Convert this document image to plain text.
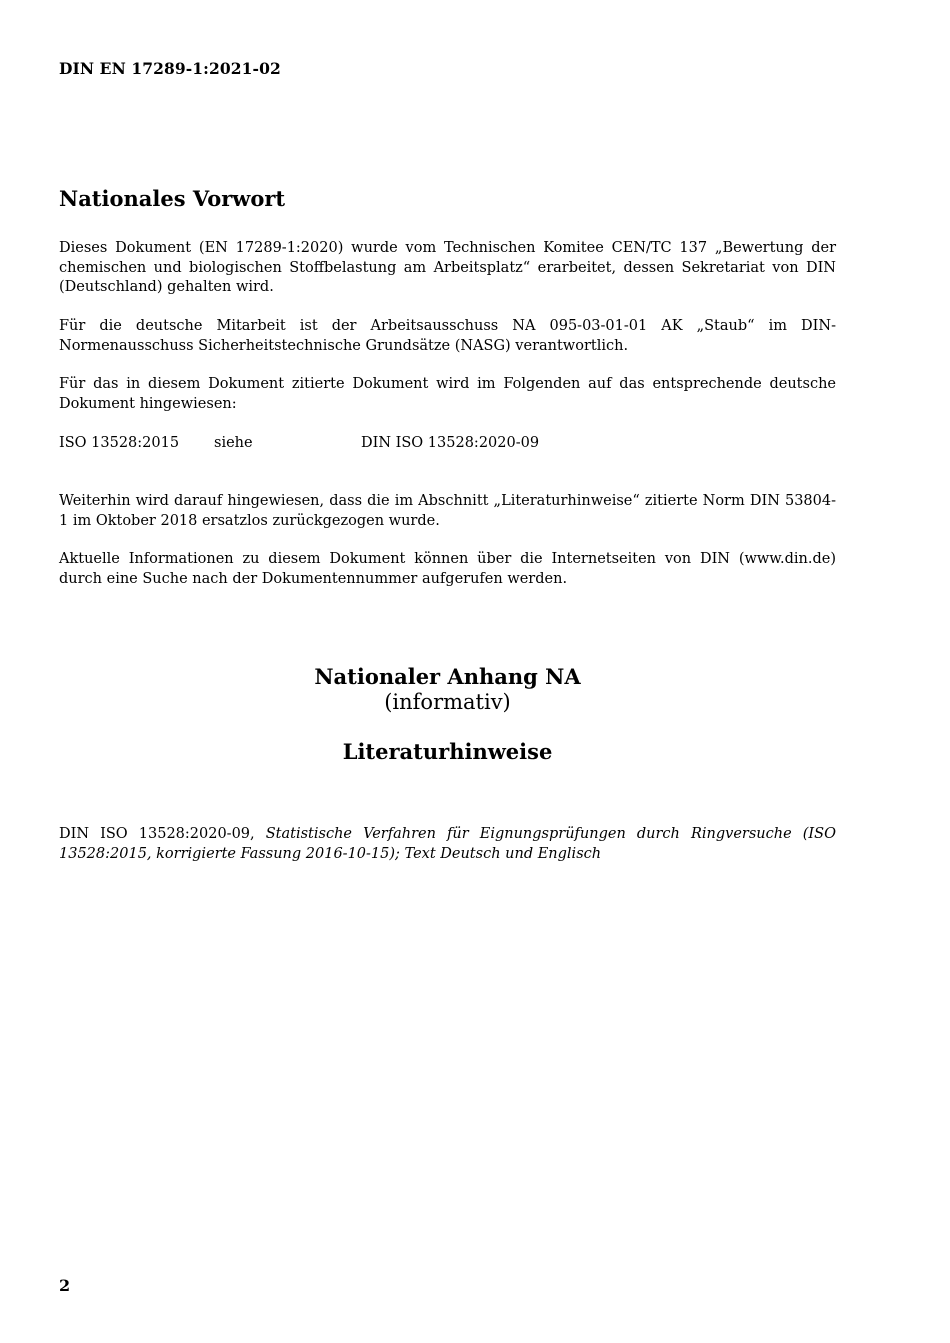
DIN EN 17289-1:2021-02
Nationales Vorwort

Dieses Dokument (EN 17289-1:2020) wurde vom Technischen Komitee CEN/TC 137 „Bewertung der chemischen und biologischen Stoffbelastung am Arbeitsplatz“ erarbeitet, dessen Sekretariat von DIN (Deutschland) gehalten wird.

Für die deutsche Mitarbeit ist der Arbeitsausschuss NA 095-03-01-01 AK „Staub“ im DIN-Normenausschuss Sicherheitstechnische Grundsätze (NASG) verantwortlich.

Für das in diesem Dokument zitierte Dokument wird im Folgenden auf das entsprechende deutsche Dokument hingewiesen:

ISO 13528:2015 siehe	DIN ISO 13528:2020-09

Weiterhin wird darauf hingewiesen, dass die im Abschnitt „Literaturhinweise“ zitierte Norm DIN 53804-1 im Oktober 2018 ersatzlos zurückgezogen wurde.

Aktuelle Informationen zu diesem Dokument können über die Internetseiten von DIN (www.din.de) durch eine Suche nach der Dokumentennummer aufgerufen werden.

Nationaler Anhang NA
(informativ)
Literaturhinweise

DIN ISO 13528:2020-09, Statistische Verfahren für Eignungsprüfungen durch Ringversuche (ISO 13528:2015, korrigierte Fassung 2016-10-15); Text Deutsch und Englisch

2
